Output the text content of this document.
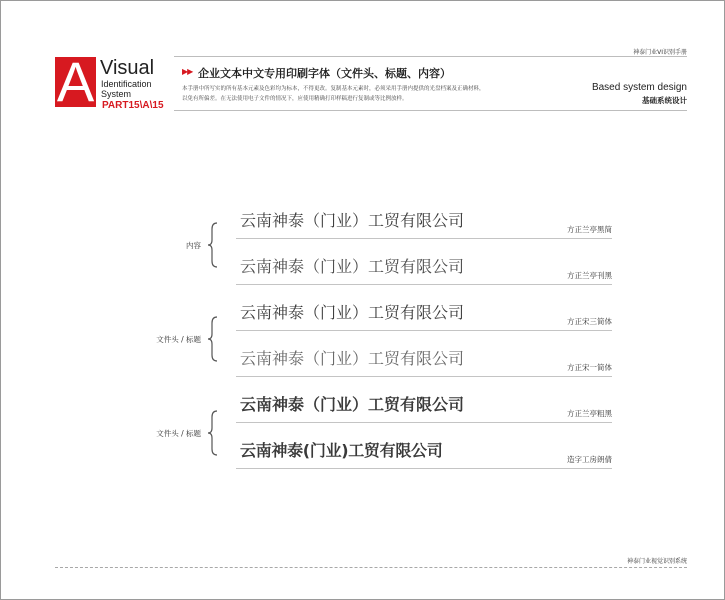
神泰门业VI识别手册
A Visual
Identification
System
PART15\A\15
▶▶ 企业文本中文专用印刷字体（文件头、标题、内容）

本手册中所写实的所有基本元素及色彩均为标本，不得更改。复制基本元素时，必须采用手册内提供的光盘档案及正确材料，

以免有所偏差。在无法使用电子文件的情况下，应使用精确打印样稿进行复制或等比例放样。

Based system design
基础系统设计
内容
文件头 / 标题
文件头 / 标题
云南神泰（门业）工贸有限公司	方正兰亭黑简
云南神泰（门业）工贸有限公司	方正兰亭刊黑
云南神泰（门业）工贸有限公司	方正宋三简体
云南神泰（门业）工贸有限公司	方正宋一简体
云南神泰（门业）工贸有限公司	方正兰亭粗黑
云南神泰(门业)工贸有限公司	造字工房朗倩
神泰门业视觉识别系统
